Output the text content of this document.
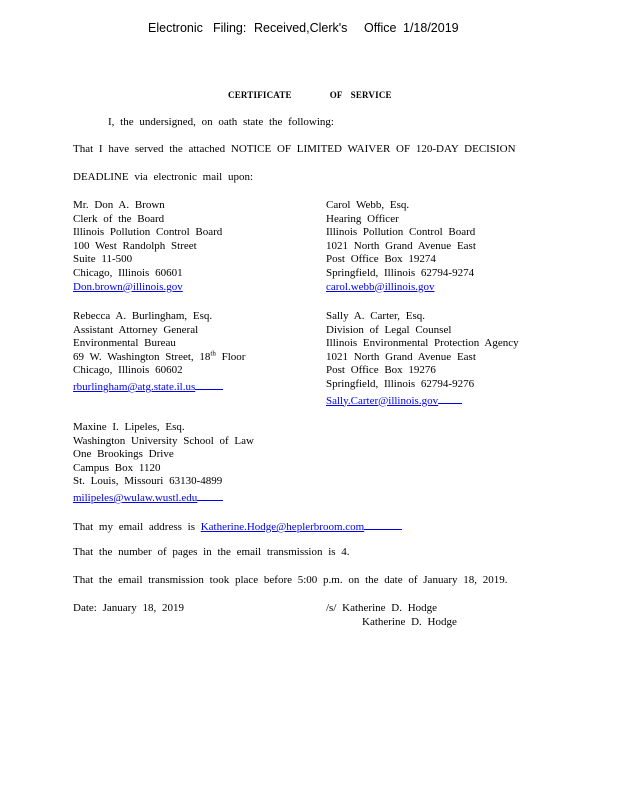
Electronic Filing: Received,Clerk's Office 1/18/2019
CERTIFICATE	OF SERVICE
I, the undersigned, on oath state the following:
That I have served the attached NOTICE OF LIMITED WAIVER OF 120-DAY DECISION
DEADLINE via electronic mail upon:
Mr. Don A. Brown
Clerk of the Board
Illinois Pollution Control Board
100 West Randolph Street
Suite 11-500
Chicago, Illinois 60601
Don.brown@illinois.gov
Carol Webb, Esq.
Hearing Officer
Illinois Pollution Control Board
1021 North Grand Avenue East
Post Office Box 19274
Springfield, Illinois 62794-9274
carol.webb@illinois.gov
Rebecca A. Burlingham, Esq.
Assistant Attorney General
Environmental Bureau
69 W. Washington Street, 18th Floor
Chicago, Illinois 60602
rburlingham@atg.state.il.us
Sally A. Carter, Esq.
Division of Legal Counsel
Illinois Environmental Protection Agency
1021 North Grand Avenue East
Post Office Box 19276
Springfield, Illinois 62794-9276
Sally.Carter@illinois.gov
Maxine I. Lipeles, Esq.
Washington University School of Law
One Brookings Drive
Campus Box 1120
St. Louis, Missouri 63130-4899
milipeles@wulaw.wustl.edu
That my email address is Katherine.Hodge@heplerbroom.com
That the number of pages in the email transmission is 4.
That the email transmission took place before 5:00 p.m. on the date of January 18, 2019.
Date: January 18, 2019	/s/ Katherine D. Hodge
Katherine D. Hodge
